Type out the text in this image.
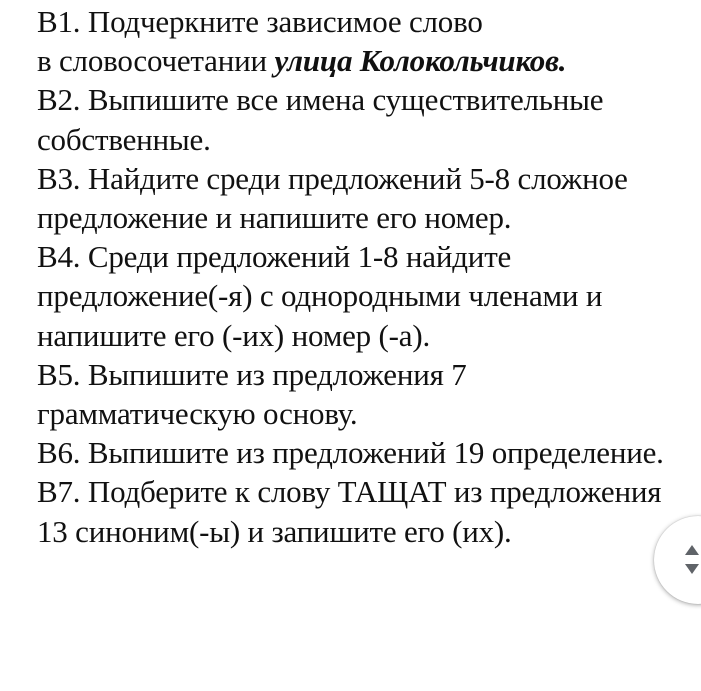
В1. Подчеркните зависимое слово в словосочетании улица Колокольчиков.

В2. Выпишите все имена существительные собственные.

В3. Найдите среди предложений 5-8 сложное предложение и напишите его номер.

В4. Среди предложений 1-8 найдите предложение(-я) с однородными членами и напишите его (-их) номер (-а).

В5. Выпишите из предложения 7 грамматическую основу.

В6. Выпишите из предложений 19 определение.

В7. Подберите к слову ТАЩАТ из предложения 13 синоним(-ы) и запишите его (их).
